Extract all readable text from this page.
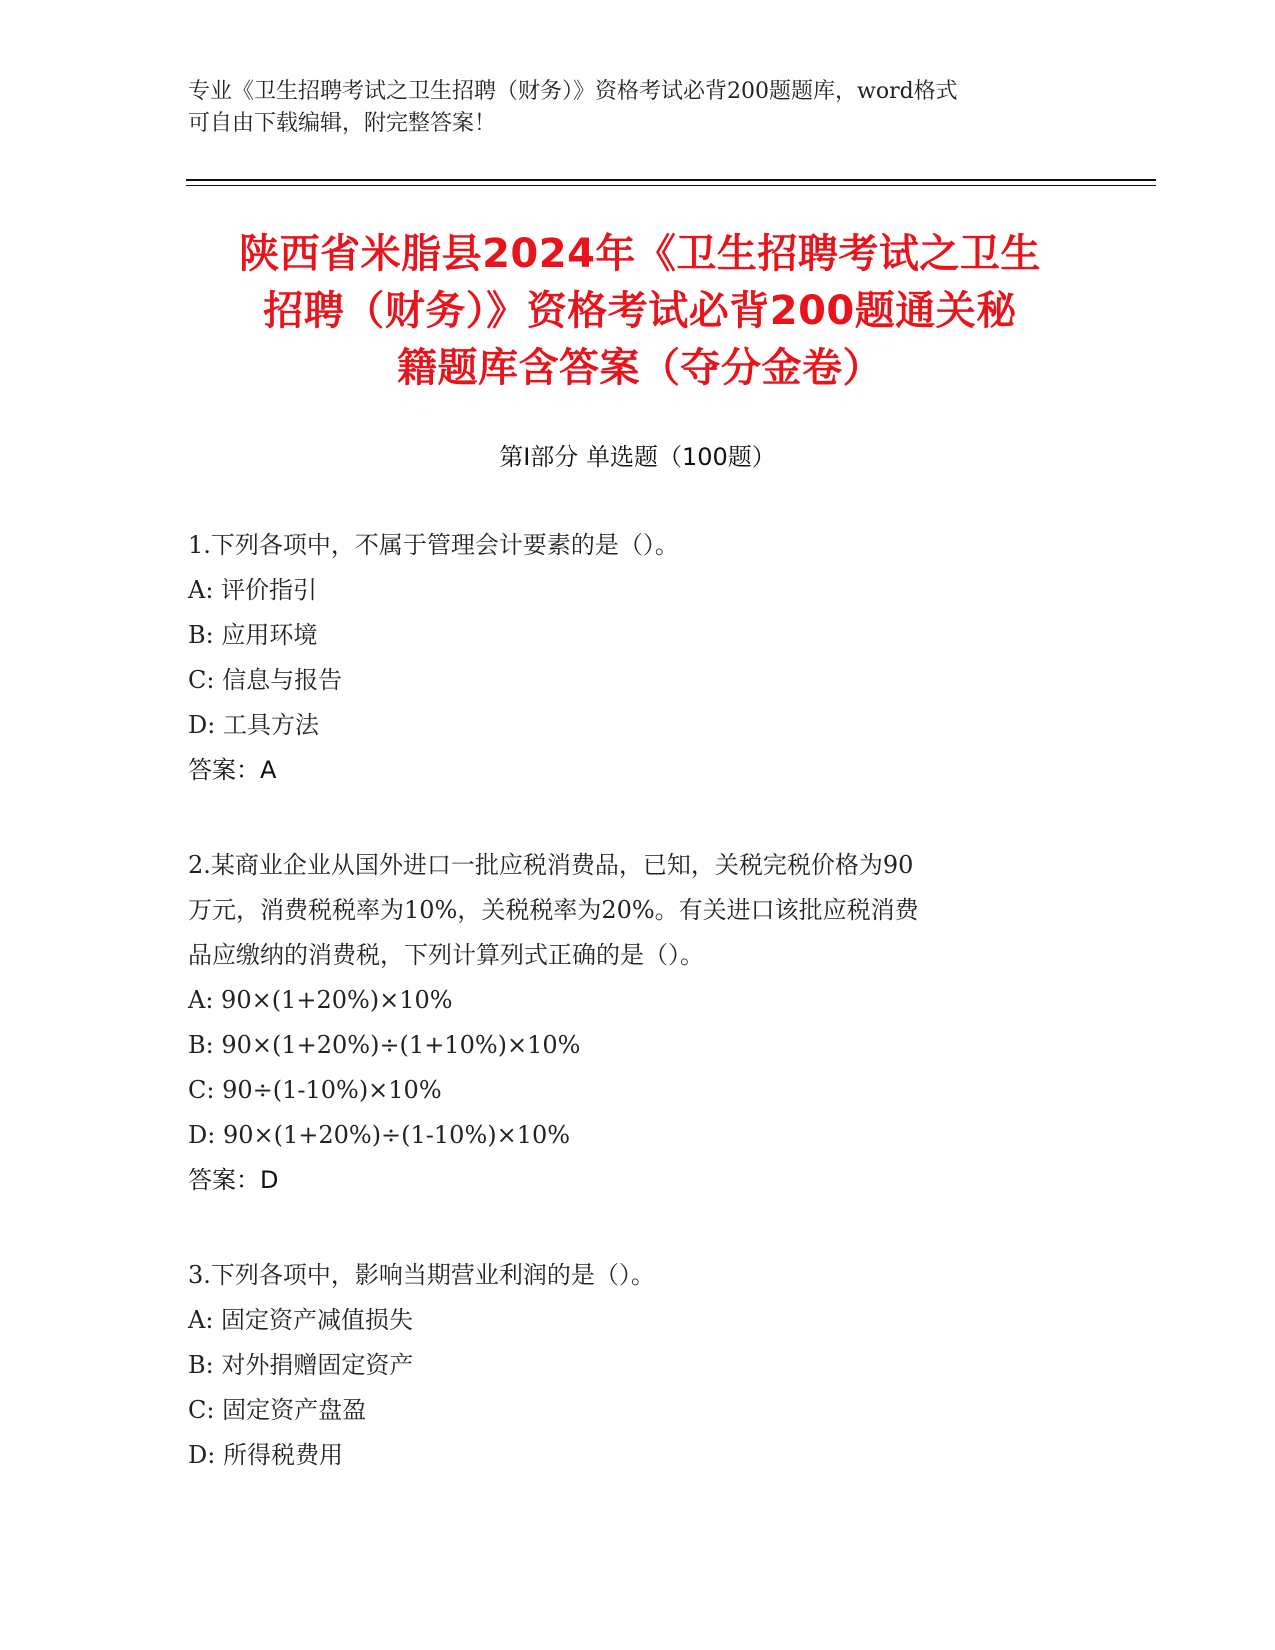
专业《卫生招聘考试之卫生招聘（财务）》资格考试必背200题题库，word格式
可自由下载编辑，附完整答案！
陕西省米脂县2024年《卫生招聘考试之卫生
招聘（财务）》资格考试必背200题通关秘
籍题库含答案（夺分金卷）
第I部分 单选题（100题）
1.下列各项中，不属于管理会计要素的是（）。
A: 评价指引
B: 应用环境
C: 信息与报告
D: 工具方法
答案：A
2.某商业企业从国外进口一批应税消费品，已知，关税完税价格为90
万元，消费税税率为10%，关税税率为20%。有关进口该批应税消费
品应缴纳的消费税，下列计算列式正确的是（）。
A: 90×(1+20%)×10%
B: 90×(1+20%)÷(1+10%)×10%
C: 90÷(1-10%)×10%
D: 90×(1+20%)÷(1-10%)×10%
答案：D
3.下列各项中，影响当期营业利润的是（）。
A: 固定资产减值损失
B: 对外捐赠固定资产
C: 固定资产盘盈
D: 所得税费用
